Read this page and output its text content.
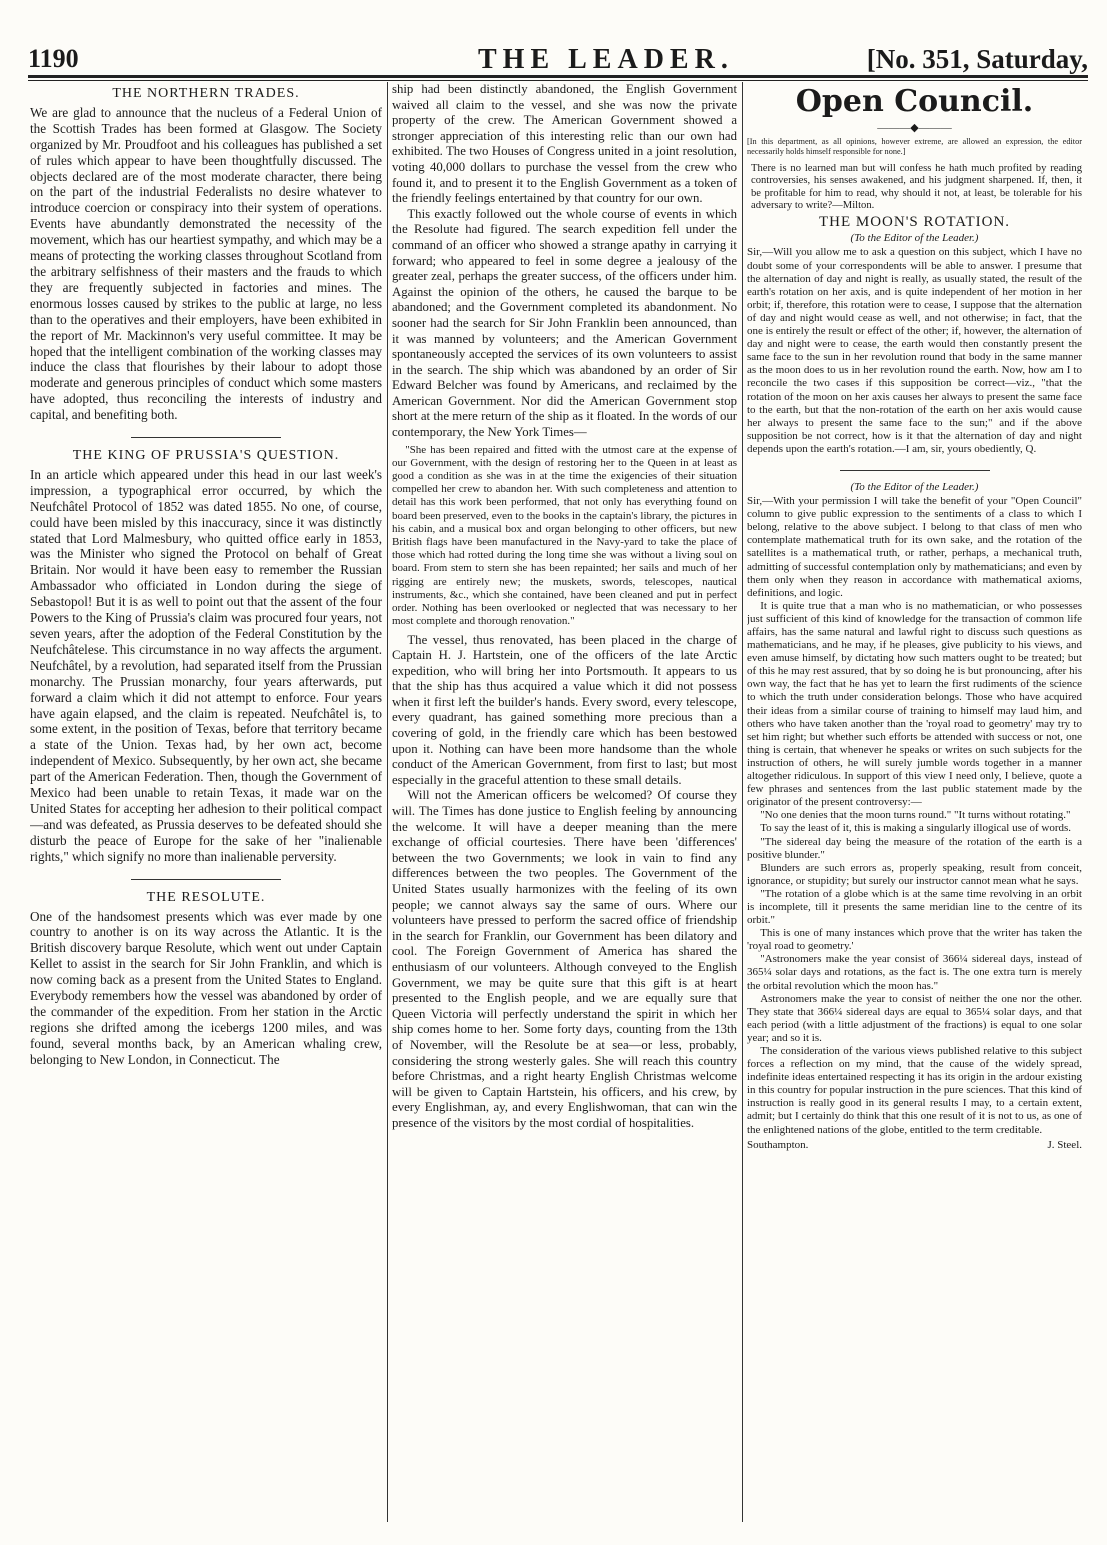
1190	THE LEADER.	[No. 351, Saturday,
THE NORTHERN TRADES.

We are glad to announce that the nucleus of a Federal Union of the Scottish Trades has been formed at Glasgow. The Society organized by Mr. Proudfoot and his colleagues has published a set of rules which appear to have been thoughtfully discussed. The objects declared are of the most moderate character, there being on the part of the industrial Federalists no desire whatever to introduce coercion or conspiracy into their system of operations. Events have abundantly demonstrated the necessity of the movement, which has our heartiest sympathy, and which may be a means of protecting the working classes throughout Scotland from the arbitrary selfishness of their masters and the frauds to which they are frequently subjected in factories and mines. The enormous losses caused by strikes to the public at large, no less than to the operatives and their employers, have been exhibited in the report of Mr. Mackinnon's very useful committee. It may be hoped that the intelligent combination of the working classes may induce the class that flourishes by their labour to adopt those moderate and generous principles of conduct which some masters have adopted, thus reconciling the interests of industry and capital, and benefiting both.

THE KING OF PRUSSIA'S QUESTION.

In an article which appeared under this head in our last week's impression, a typographical error occurred, by which the Neufchâtel Protocol of 1852 was dated 1855. No one, of course, could have been misled by this inaccuracy, since it was distinctly stated that Lord Malmesbury, who quitted office early in 1853, was the Minister who signed the Protocol on behalf of Great Britain. Nor would it have been easy to remember the Russian Ambassador who officiated in London during the siege of Sebastopol! But it is as well to point out that the assent of the four Powers to the King of Prussia's claim was procured four years, not seven years, after the adoption of the Federal Constitution by the Neufchâtelese. This circumstance in no way affects the argument. Neufchâtel, by a revolution, had separated itself from the Prussian monarchy. The Prussian monarchy, four years afterwards, put forward a claim which it did not attempt to enforce. Four years have again elapsed, and the claim is repeated. Neufchâtel is, to some extent, in the position of Texas, before that territory became a state of the Union. Texas had, by her own act, become independent of Mexico. Subsequently, by her own act, she became part of the American Federation. Then, though the Government of Mexico had been unable to retain Texas, it made war on the United States for accepting her adhesion to their political compact—and was defeated, as Prussia deserves to be defeated should she disturb the peace of Europe for the sake of her "inalienable rights," which signify no more than inalienable perversity.

THE RESOLUTE.

One of the handsomest presents which was ever made by one country to another is on its way across the Atlantic. It is the British discovery barque Resolute, which went out under Captain Kellet to assist in the search for Sir John Franklin, and which is now coming back as a present from the United States to England. Everybody remembers how the vessel was abandoned by order of the commander of the expedition. From her station in the Arctic regions she drifted among the icebergs 1200 miles, and was found, several months back, by an American whaling crew, belonging to New London, in Connecticut. The

ship had been distinctly abandoned, the English Government waived all claim to the vessel, and she was now the private property of the crew. The American Government showed a stronger appreciation of this interesting relic than our own had exhibited. The two Houses of Congress united in a joint resolution, voting 40,000 dollars to purchase the vessel from the crew who found it, and to present it to the English Government as a token of the friendly feelings entertained by that country for our own.

This exactly followed out the whole course of events in which the Resolute had figured. The search expedition fell under the command of an officer who showed a strange apathy in carrying it forward; who appeared to feel in some degree a jealousy of the greater zeal, perhaps the greater success, of the officers under him. Against the opinion of the others, he caused the barque to be abandoned; and the Government completed its abandonment. No sooner had the search for Sir John Franklin been announced, than it was manned by volunteers; and the American Government spontaneously accepted the services of its own volunteers to assist in the search. The ship which was abandoned by an order of Sir Edward Belcher was found by Americans, and reclaimed by the American Government. Nor did the American Government stop short at the mere return of the ship as it floated. In the words of our contemporary, the New York Times—

"She has been repaired and fitted with the utmost care at the expense of our Government, with the design of restoring her to the Queen in at least as good a condition as she was in at the time the exigencies of their situation compelled her crew to abandon her. With such completeness and attention to detail has this work been performed, that not only has everything found on board been preserved, even to the books in the captain's library, the pictures in his cabin, and a musical box and organ belonging to other officers, but new British flags have been manufactured in the Navy-yard to take the place of those which had rotted during the long time she was without a living soul on board. From stem to stern she has been repainted; her sails and much of her rigging are entirely new; the muskets, swords, telescopes, nautical instruments, &c., which she contained, have been cleaned and put in perfect order. Nothing has been overlooked or neglected that was necessary to her most complete and thorough renovation."

The vessel, thus renovated, has been placed in the charge of Captain H. J. Hartstein, one of the officers of the late Arctic expedition, who will bring her into Portsmouth. It appears to us that the ship has thus acquired a value which it did not possess when it first left the builder's hands. Every sword, every telescope, every quadrant, has gained something more precious than a covering of gold, in the friendly care which has been bestowed upon it. Nothing can have been more handsome than the whole conduct of the American Government, from first to last; but most especially in the graceful attention to these small details.

Will not the American officers be welcomed? Of course they will. The Times has done justice to English feeling by announcing the welcome. It will have a deeper meaning than the mere exchange of official courtesies. There have been 'differences' between the two Governments; we look in vain to find any differences between the two peoples. The Government of the United States usually harmonizes with the feeling of its own people; we cannot always say the same of ours. Where our volunteers have pressed to perform the sacred office of friendship in the search for Franklin, our Government has been dilatory and cool. The Foreign Government of America has shared the enthusiasm of our volunteers. Although conveyed to the English Government, we may be quite sure that this gift is at heart presented to the English people, and we are equally sure that Queen Victoria will perfectly understand the spirit in which her ship comes home to her. Some forty days, counting from the 13th of November, will the Resolute be at sea—or less, probably, considering the strong westerly gales. She will reach this country before Christmas, and a right hearty English Christmas welcome will be given to Captain Hartstein, his officers, and his crew, by every Englishman, ay, and every Englishwoman, that can win the presence of the visitors by the most cordial of hospitalities.

Open Council.
———◆———
[In this department, as all opinions, however extreme, are allowed an expression, the editor necessarily holds himself responsible for none.]
There is no learned man but will confess he hath much profited by reading controversies, his senses awakened, and his judgment sharpened. If, then, it be profitable for him to read, why should it not, at least, be tolerable for his adversary to write?—Milton.
THE MOON'S ROTATION.
(To the Editor of the Leader.)

Sir,—Will you allow me to ask a question on this subject, which I have no doubt some of your correspondents will be able to answer. I presume that the alternation of day and night is really, as usually stated, the result of the earth's rotation on her axis, and is quite independent of her motion in her orbit; if, therefore, this rotation were to cease, I suppose that the alternation of day and night would cease as well, and not otherwise; in fact, that the one is entirely the result or effect of the other; if, however, the alternation of day and night were to cease, the earth would then constantly present the same face to the sun in her revolution round that body in the same manner as the moon does to us in her revolution round the earth. Now, how am I to reconcile the two cases if this supposition be correct—viz., "that the rotation of the moon on her axis causes her always to present the same face to the earth, but that the non-rotation of the earth on her axis would cause her always to present the same face to the sun;" and if the above supposition be not correct, how is it that the alternation of day and night depends upon the earth's rotation.—I am, sir, yours obediently, Q.

(To the Editor of the Leader.)

Sir,—With your permission I will take the benefit of your "Open Council" column to give public expression to the sentiments of a class to which I belong, relative to the above subject. I belong to that class of men who contemplate mathematical truth for its own sake, and the rotation of the satellites is a mathematical truth, or rather, perhaps, a mechanical truth, admitting of successful contemplation only by mathematicians; and even by them only when they reason in accordance with mathematical axioms, definitions, and logic.

It is quite true that a man who is no mathematician, or who possesses just sufficient of this kind of knowledge for the transaction of common life affairs, has the same natural and lawful right to discuss such questions as mathematicians, and he may, if he pleases, give publicity to his views, and even amuse himself, by dictating how such matters ought to be treated; but of this he may rest assured, that by so doing he is but pronouncing, after his own way, the fact that he has yet to learn the first rudiments of the science to which the truth under consideration belongs. Those who have acquired their ideas from a similar course of training to himself may laud him, and others who have taken another than the 'royal road to geometry' may try to set him right; but whether such efforts be attended with success or not, one thing is certain, that whenever he speaks or writes on such subjects for the instruction of others, he will surely jumble words together in a manner altogether ridiculous. In support of this view I need only, I believe, quote a few phrases and sentences from the last public statement made by the originator of the present controversy:—

"No one denies that the moon turns round." "It turns without rotating."

To say the least of it, this is making a singularly illogical use of words.

"The sidereal day being the measure of the rotation of the earth is a positive blunder."

Blunders are such errors as, properly speaking, result from conceit, ignorance, or stupidity; but surely our instructor cannot mean what he says.

"The rotation of a globe which is at the same time revolving in an orbit is incomplete, till it presents the same meridian line to the centre of its orbit."

This is one of many instances which prove that the writer has taken the 'royal road to geometry.'

"Astronomers make the year consist of 366¼ sidereal days, instead of 365¼ solar days and rotations, as the fact is. The one extra turn is merely the orbital revolution which the moon has."

Astronomers make the year to consist of neither the one nor the other. They state that 366¼ sidereal days are equal to 365¼ solar days, and that each period (with a little adjustment of the fractions) is equal to one solar year; and so it is.

The consideration of the various views published relative to this subject forces a reflection on my mind, that the cause of the widely spread, indefinite ideas entertained respecting it has its origin in the ardour existing in this country for popular instruction in the pure sciences. That this kind of instruction is really good in its general results I may, to a certain extent, admit; but I certainly do think that this one result of it is not to us, as one of the enlightened nations of the globe, entitled to the term creditable.

Southampton.	J. Steel.
